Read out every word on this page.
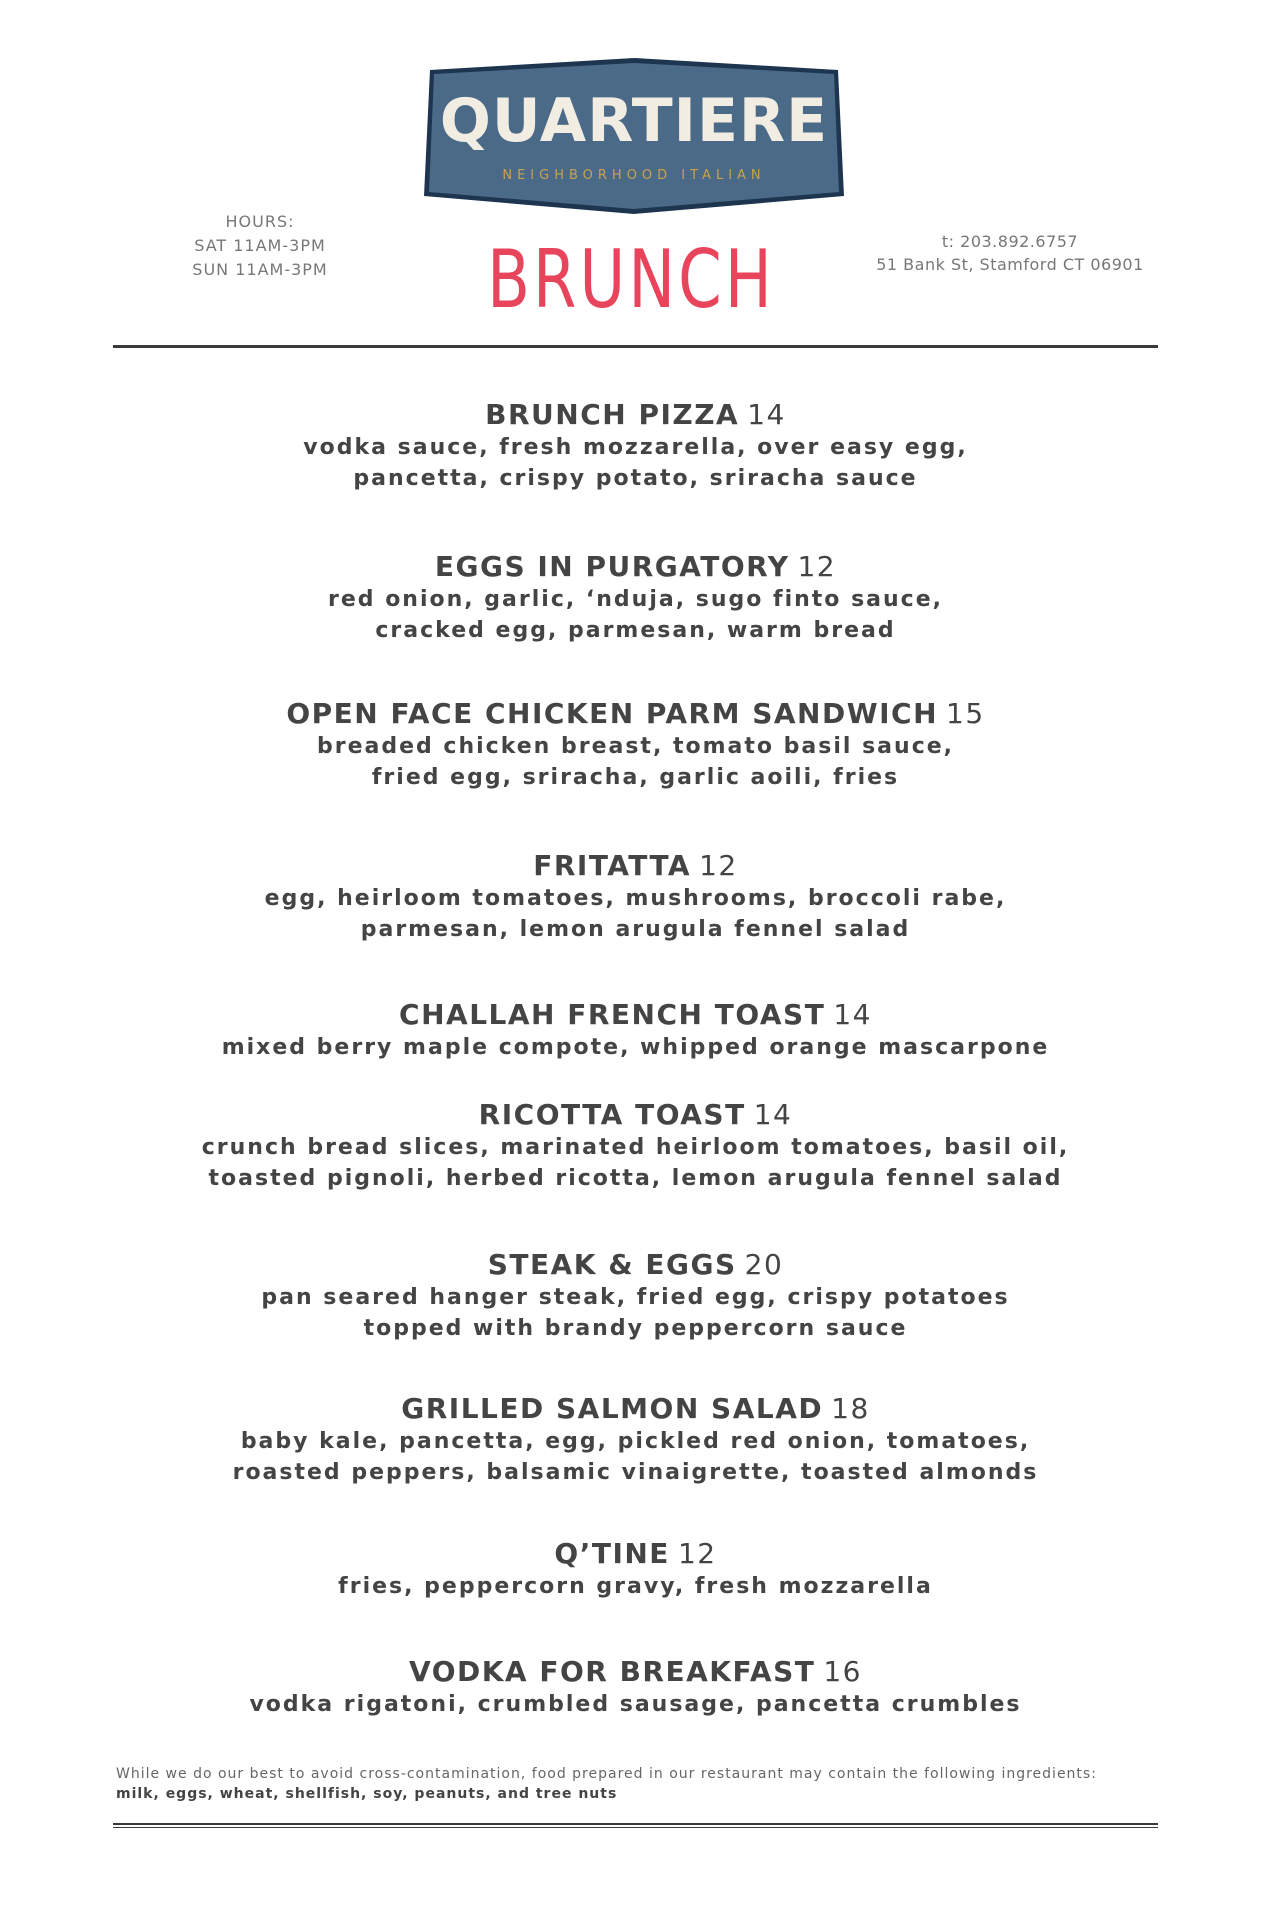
QUARTIERE
NEIGHBORHOOD ITALIAN
HOURS:
SAT 11AM-3PM
SUN 11AM-3PM BRUNCH	t: 203.892.6757
51 Bank St, Stamford CT 06901
BRUNCH PIZZA 14
vodka sauce, fresh mozzarella, over easy egg,
pancetta, crispy potato, sriracha sauce
EGGS IN PURGATORY 12
red onion, garlic, ‘nduja, sugo finto sauce,
cracked egg, parmesan, warm bread
OPEN FACE CHICKEN PARM SANDWICH 15
breaded chicken breast, tomato basil sauce,
fried egg, sriracha, garlic aoili, fries
FRITATTA 12
egg, heirloom tomatoes, mushrooms, broccoli rabe,
parmesan, lemon arugula fennel salad
CHALLAH FRENCH TOAST 14
mixed berry maple compote, whipped orange mascarpone
RICOTTA TOAST 14
crunch bread slices, marinated heirloom tomatoes, basil oil,
toasted pignoli, herbed ricotta, lemon arugula fennel salad
STEAK & EGGS 20
pan seared hanger steak, fried egg, crispy potatoes
topped with brandy peppercorn sauce
GRILLED SALMON SALAD 18
baby kale, pancetta, egg, pickled red onion, tomatoes,
roasted peppers, balsamic vinaigrette, toasted almonds
Q’TINE 12
fries, peppercorn gravy, fresh mozzarella
VODKA FOR BREAKFAST 16
vodka rigatoni, crumbled sausage, pancetta crumbles
While we do our best to avoid cross-contamination, food prepared in our restaurant may contain the following ingredients:
milk, eggs, wheat, shellfish, soy, peanuts, and tree nuts
